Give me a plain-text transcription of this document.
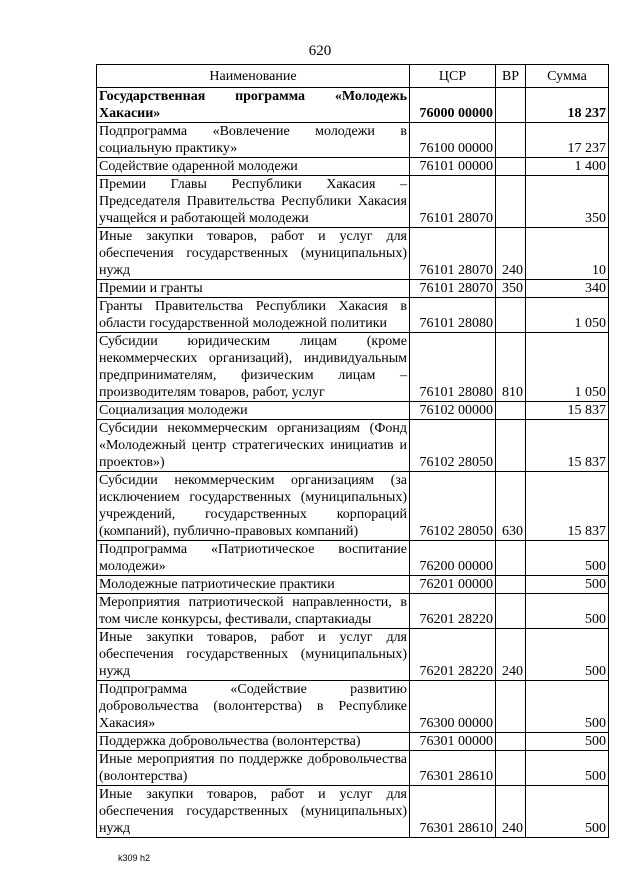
620
Наименование	ЦСР	ВР	Сумма
Государственная программа «Молодежь Хакасии»	76000 00000		18 237
Подпрограмма «Вовлечение молодежи в социальную практику»	76100 00000		17 237
Содействие одаренной молодежи	76101 00000		1 400
Премии Главы Республики Хакасия – Председателя Правительства Республики Хакасия учащейся и работающей молодежи	76101 28070		350
Иные закупки товаров, работ и услуг для обеспечения государственных (муниципальных) нужд	76101 28070	240	10
Премии и гранты	76101 28070	350	340
Гранты Правительства Республики Хакасия в области государственной молодежной политики	76101 28080		1 050
Субсидии юридическим лицам (кроме некоммерческих организаций), индивидуальным предпринимателям, физическим лицам – производителям товаров, работ, услуг	76101 28080	810	1 050
Социализация молодежи	76102 00000		15 837
Субсидии некоммерческим организациям (Фонд «Молодежный центр стратегических инициатив и проектов»)	76102 28050		15 837
Субсидии некоммерческим организациям (за исключением государственных (муниципальных) учреждений, государственных корпораций (компаний), публично-правовых компаний)	76102 28050	630	15 837
Подпрограмма «Патриотическое воспитание молодежи»	76200 00000		500
Молодежные патриотические практики	76201 00000		500
Мероприятия патриотической направленности, в том числе конкурсы, фестивали, спартакиады	76201 28220		500
Иные закупки товаров, работ и услуг для обеспечения государственных (муниципальных) нужд	76201 28220	240	500
Подпрограмма «Содействие развитию добровольчества (волонтерства) в Республике Хакасия»	76300 00000		500
Поддержка добровольчества (волонтерства)	76301 00000		500
Иные мероприятия по поддержке добровольчества (волонтерства)	76301 28610		500
Иные закупки товаров, работ и услуг для обеспечения государственных (муниципальных) нужд	76301 28610	240	500
k309 h2
